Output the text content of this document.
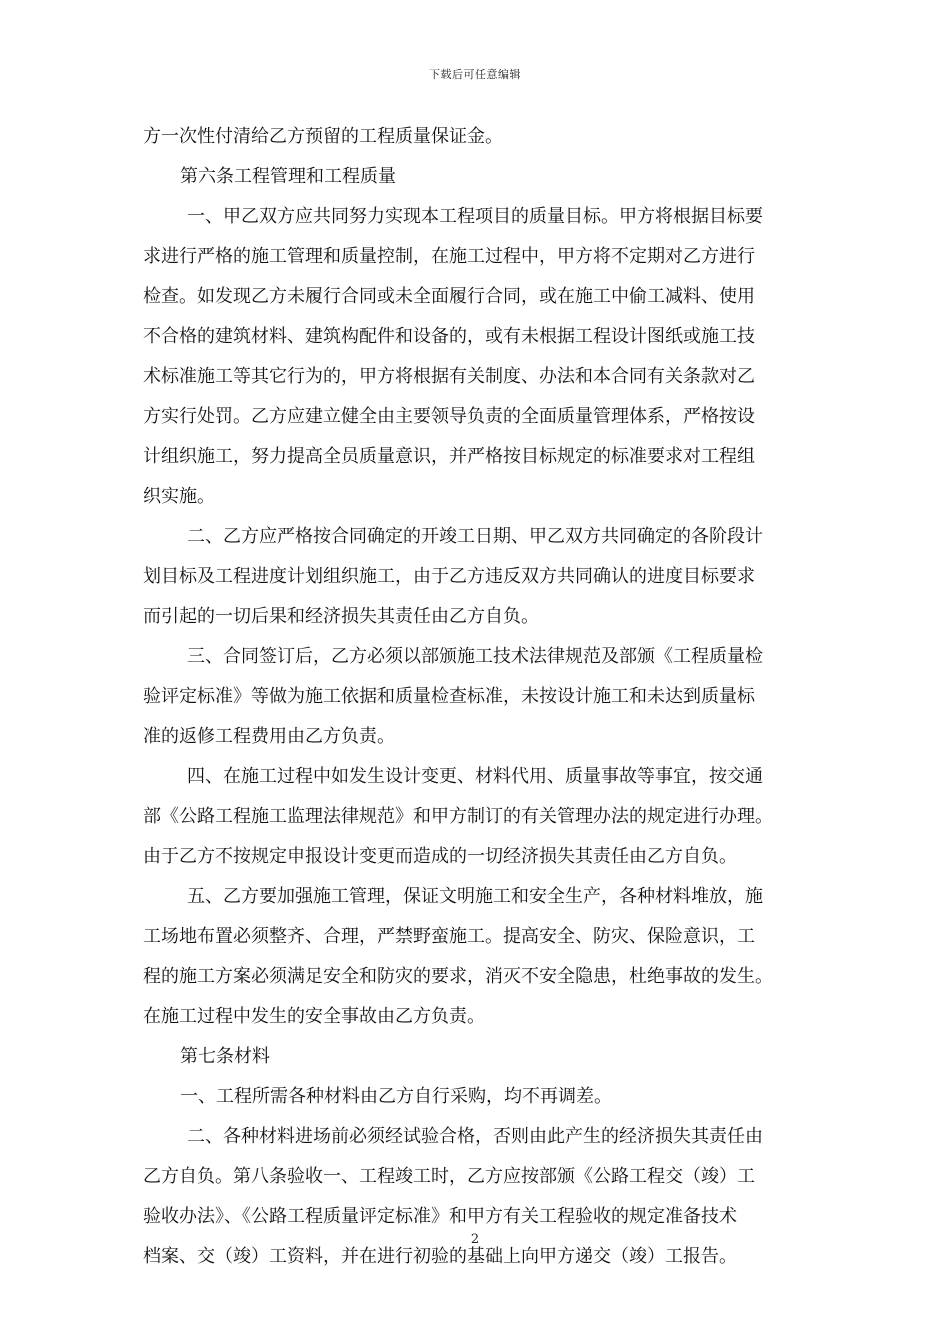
下载后可任意编辑
方一次性付清给乙方预留的工程质量保证金。
第六条工程管理和工程质量
一、甲乙双方应共同努力实现本工程项目的质量目标。甲方将根据目标要
求进行严格的施工管理和质量控制，在施工过程中，甲方将不定期对乙方进行
检查。如发现乙方未履行合同或未全面履行合同，或在施工中偷工减料、使用
不合格的建筑材料、建筑构配件和设备的，或有未根据工程设计图纸或施工技
术标准施工等其它行为的，甲方将根据有关制度、办法和本合同有关条款对乙
方实行处罚。乙方应建立健全由主要领导负责的全面质量管理体系，严格按设
计组织施工，努力提高全员质量意识，并严格按目标规定的标准要求对工程组
织实施。
二、乙方应严格按合同确定的开竣工日期、甲乙双方共同确定的各阶段计
划目标及工程进度计划组织施工，由于乙方违反双方共同确认的进度目标要求
而引起的一切后果和经济损失其责任由乙方自负。
三、合同签订后，乙方必须以部颁施工技术法律规范及部颁《工程质量检
验评定标准》等做为施工依据和质量检查标准，未按设计施工和未达到质量标
准的返修工程费用由乙方负责。
四、在施工过程中如发生设计变更、材料代用、质量事故等事宜，按交通
部《公路工程施工监理法律规范》和甲方制订的有关管理办法的规定进行办理。
由于乙方不按规定申报设计变更而造成的一切经济损失其责任由乙方自负。
五、乙方要加强施工管理，保证文明施工和安全生产，各种材料堆放，施
工场地布置必须整齐、合理，严禁野蛮施工。提高安全、防灾、保险意识，工
程的施工方案必须满足安全和防灾的要求，消灭不安全隐患，杜绝事故的发生。
在施工过程中发生的安全事故由乙方负责。
第七条材料
一、工程所需各种材料由乙方自行采购，均不再调差。
二、各种材料进场前必须经试验合格，否则由此产生的经济损失其责任由
乙方自负。第八条验收一、工程竣工时，乙方应按部颁《公路工程交（竣）工
验收办法》、《公路工程质量评定标准》和甲方有关工程验收的规定准备技术
档案、交（竣）工资料，并在进行初验的基础上向甲方递交（竣）工报告。
2
